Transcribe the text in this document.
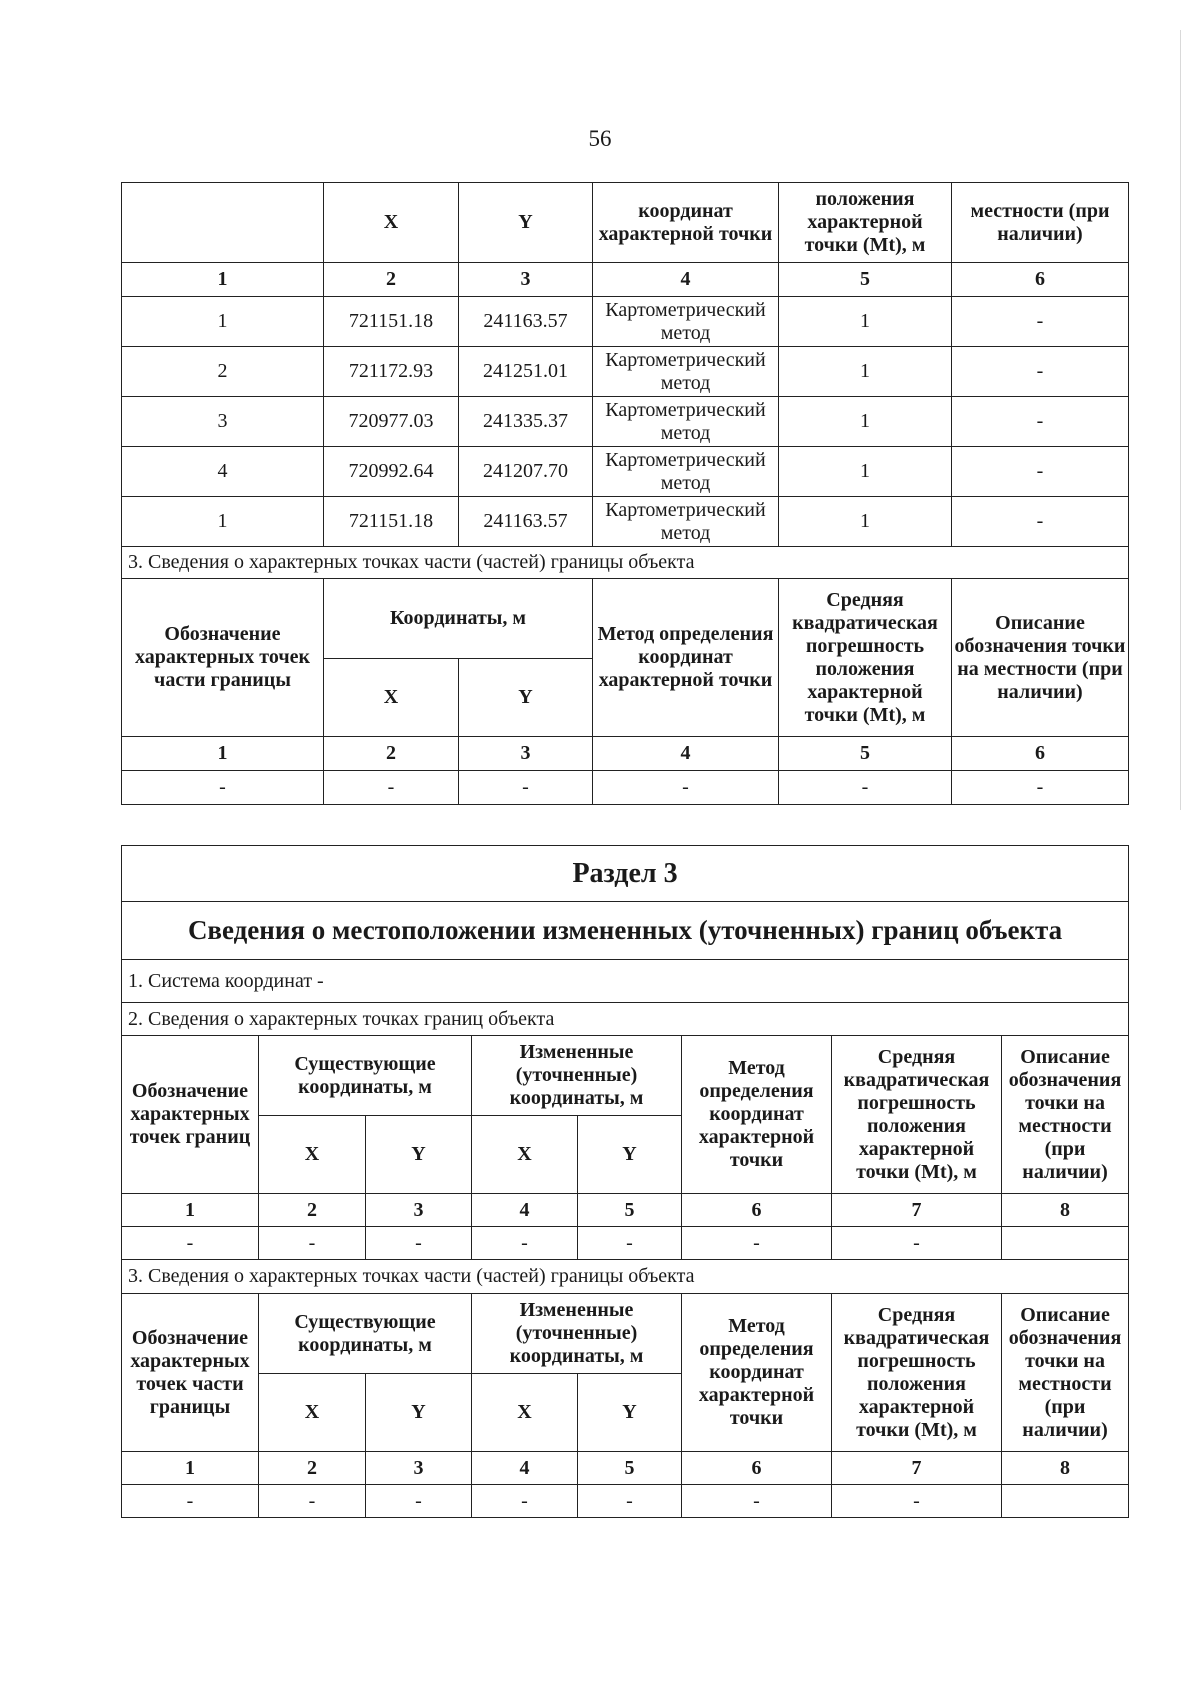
56
	X	Y	координат характерной точки	положения характерной точки (Mt), м	местности (при наличии)
1	2	3	4	5	6
1	721151.18	241163.57	Картометрический метод	1	-
2	721172.93	241251.01	Картометрический метод	1	-
3	720977.03	241335.37	Картометрический метод	1	-
4	720992.64	241207.70	Картометрический метод	1	-
1	721151.18	241163.57	Картометрический метод	1	-
3. Сведения о характерных точках части (частей) границы объекта					
Обозначение характерных точек части границы	Координаты, м		Метод определения координат характерной точки	Средняя квадратическая погрешность положения характерной точки (Mt), м	Описание обозначения точки на местности (при наличии)
	X	Y			
1	2	3	4	5	6
-	-	-	-	-	-
Раздел 3							
Сведения о местоположении измененных (уточненных) границ объекта							
1. Система координат -							
2. Сведения о характерных точках границ объекта							
Обозначение характерных точек границ	Существующие координаты, м		Измененные (уточненные) координаты, м		Метод определения координат характерной точки	Средняя квадратическая погрешность положения характерной точки (Mt), м	Описание обозначения точки на местности (при наличии)
	X	Y	X	Y			
1	2	3	4	5	6	7	8
-	-	-	-	-	-	-	
3. Сведения о характерных точках части (частей) границы объекта							
Обозначение характерных точек части границы	Существующие координаты, м		Измененные (уточненные) координаты, м		Метод определения координат характерной точки	Средняя квадратическая погрешность положения характерной точки (Mt), м	Описание обозначения точки на местности (при наличии)
	X	Y	X	Y			
1	2	3	4	5	6	7	8
-	-	-	-	-	-	-	
